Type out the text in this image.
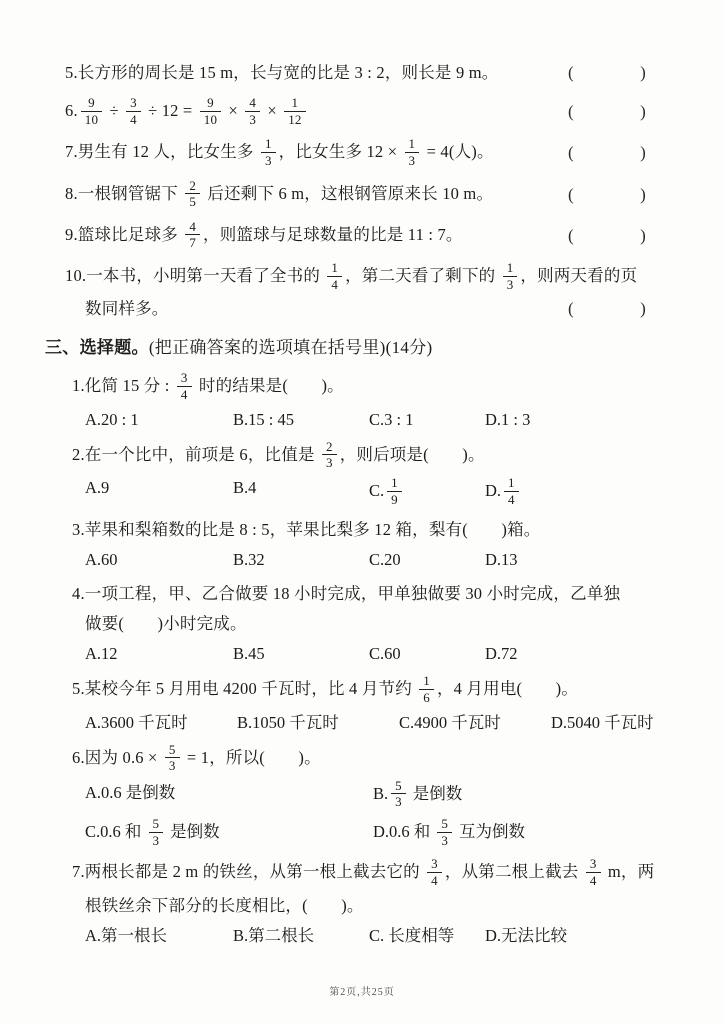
5.长方形的周长是 15 m，长与宽的比是 3 : 2，则长是 9 m。	(	)
6. $\frac{9}{10} \div \frac{3}{4} \div 12 = \frac{9}{10} \times \frac{4}{3} \times \frac{1}{12}$	(	)
7.男生有 12 人，比女生多 $\frac{1}{3}$ ，比女生多 $12 \times \frac{1}{3} = 4$(人)。	(	)
8.一根钢管锯下 $\frac{2}{5}$ 后还剩下 6 m，这根钢管原来长 10 m。	(	)
9.篮球比足球多 $\frac{4}{7}$ ，则篮球与足球数量的比是 11 : 7。	(	)
10.一本书，小明第一天看了全书的 $\frac{1}{4}$ ，第二天看了剩下的 $\frac{1}{3}$ ，则两天看的页
数同样多。	(	)
三、选择题。(把正确答案的选项填在括号里)(14分)
1.化简 15 分 : $\frac{3}{4}$ 时的结果是(　　)。
A.20 : 1	B.15 : 45	C.3 : 1	D.1 : 3
2.在一个比中，前项是 6，比值是 $\frac{2}{3}$ ，则后项是(　　)。
A.9	B.4	C. $\frac{1}{9}$	D. $\frac{1}{4}$
3.苹果和梨箱数的比是 8 : 5，苹果比梨多 12 箱，梨有(　　)箱。
A.60	B.32	C.20	D.13
4.一项工程，甲、乙合做要 18 小时完成，甲单独做要 30 小时完成，乙单独
做要(　　)小时完成。
A.12	B.45	C.60	D.72
5.某校今年 5 月用电 4200 千瓦时，比 4 月节约 $\frac{1}{6}$ ，4 月用电(　　)。
A.3600 千瓦时	B.1050 千瓦时	C.4900 千瓦时	D.5040 千瓦时
6.因为 $0.6 \times \frac{5}{3} = 1$，所以(　　)。
A.0.6 是倒数	B. $\frac{5}{3}$ 是倒数
C.0.6 和 $\frac{5}{3}$ 是倒数	D.0.6 和 $\frac{5}{3}$ 互为倒数
7.两根长都是 2 m 的铁丝，从第一根上截去它的 $\frac{3}{4}$ ，从第二根上截去 $\frac{3}{4}$ m，两
根铁丝余下部分的长度相比，(　　)。
A.第一根长	B.第二根长	C. 长度相等	D.无法比较
第2页,共25页
